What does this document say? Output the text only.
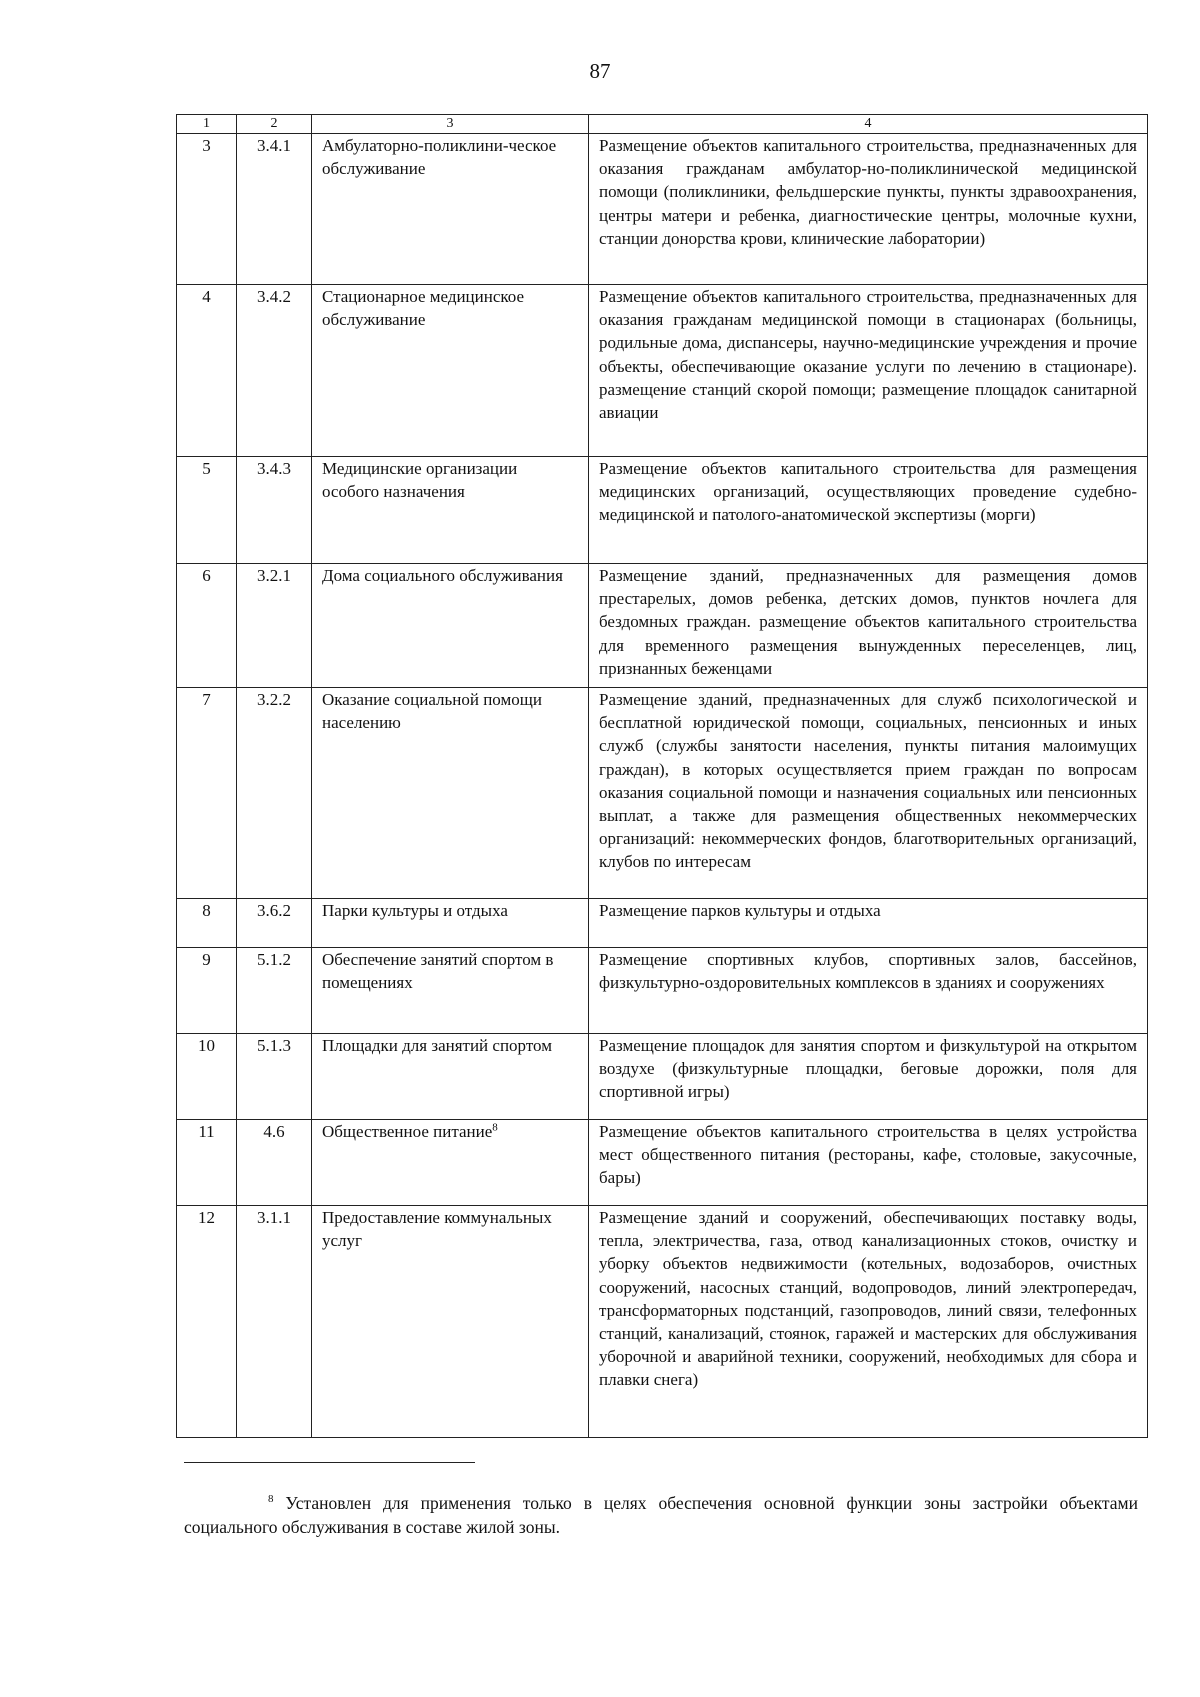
87
1	2	3	4
3	3.4.1	Амбулаторно-поликлини-ческое обслуживание	Размещение объектов капитального строительства, предназначенных для оказания гражданам амбулатор-но-поликлинической медицинской помощи (поликлиники, фельдшерские пункты, пункты здравоохранения, центры матери и ребенка, диагностические центры, молочные кухни, станции донорства крови, клинические лаборатории)
4	3.4.2	Стационарное медицинское обслуживание	Размещение объектов капитального строительства, предназначенных для оказания гражданам медицинской помощи в стационарах (больницы, родильные дома, диспансеры, научно-медицинские учреждения и прочие объекты, обеспечивающие оказание услуги по лечению в стационаре). размещение станций скорой помощи; размещение площадок санитарной авиации
5	3.4.3	Медицинские организации особого назначения	Размещение объектов капитального строительства для размещения медицинских организаций, осуществляющих проведение судебно-медицинской и патолого-анатомической экспертизы (морги)
6	3.2.1	Дома социального обслуживания	Размещение зданий, предназначенных для размещения домов престарелых, домов ребенка, детских домов, пунктов ночлега для бездомных граждан. размещение объектов капитального строительства для временного размещения вынужденных переселенцев, лиц, признанных беженцами
7	3.2.2	Оказание социальной помощи населению	Размещение зданий, предназначенных для служб психологической и бесплатной юридической помощи, социальных, пенсионных и иных служб (службы занятости населения, пункты питания малоимущих граждан), в которых осуществляется прием граждан по вопросам оказания социальной помощи и назначения социальных или пенсионных выплат, а также для размещения общественных некоммерческих организаций: некоммерческих фондов, благотворительных организаций, клубов по интересам
8	3.6.2	Парки культуры и отдыха	Размещение парков культуры и отдыха
9	5.1.2	Обеспечение занятий спортом в помещениях	Размещение спортивных клубов, спортивных залов, бассейнов, физкультурно-оздоровительных комплексов в зданиях и сооружениях
10	5.1.3	Площадки для занятий спортом	Размещение площадок для занятия спортом и физкультурой на открытом воздухе (физкультурные площадки, беговые дорожки, поля для спортивной игры)
11	4.6	Общественное питание$^8$	Размещение объектов капитального строительства в целях устройства мест общественного питания (рестораны, кафе, столовые, закусочные, бары)
12	3.1.1	Предоставление коммунальных услуг	Размещение зданий и сооружений, обеспечивающих поставку воды, тепла, электричества, газа, отвод канализационных стоков, очистку и уборку объектов недвижимости (котельных, водозаборов, очистных сооружений, насосных станций, водопроводов, линий электропередач, трансформаторных подстанций, газопроводов, линий связи, телефонных станций, канализаций, стоянок, гаражей и мастерских для обслуживания уборочной и аварийной техники, сооружений, необходимых для сбора и плавки снега)
$^8$ Установлен для применения только в целях обеспечения основной функции зоны застройки объектами социального обслуживания в составе жилой зоны.
